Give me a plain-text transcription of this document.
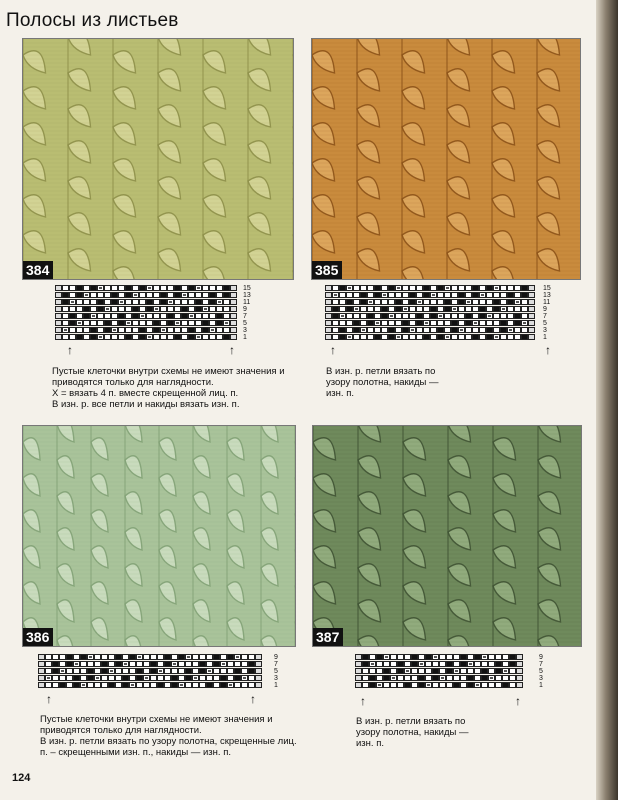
Полосы из листьев
384
15
13
11
9
7
5
3
1
↑	↑
Пустые клеточки внутри схемы не имеют значения и
приводятся только для наглядности.
Х = вязать 4 п. вместе скрещенной лиц. п.
В изн. р. все петли и накиды вязать изн. п.
385
15
13
11
9
7
5
3
1
↑	↑
В изн. р. петли вязать по
узору полотна, накиды —
изн. п.
386
9
7
5
3
1
↑	↑
Пустые клеточки внутри схемы не имеют значения и
приводятся только для наглядности.
В изн. р. петли вязать по узору полотна, скрещенные лиц.
п. – скрещенными изн. п., накиды — изн. п.
387
9
7
5
3
1
↑	↑
В изн. р. петли вязать по
узору полотна, накиды —
изн. п.
124
